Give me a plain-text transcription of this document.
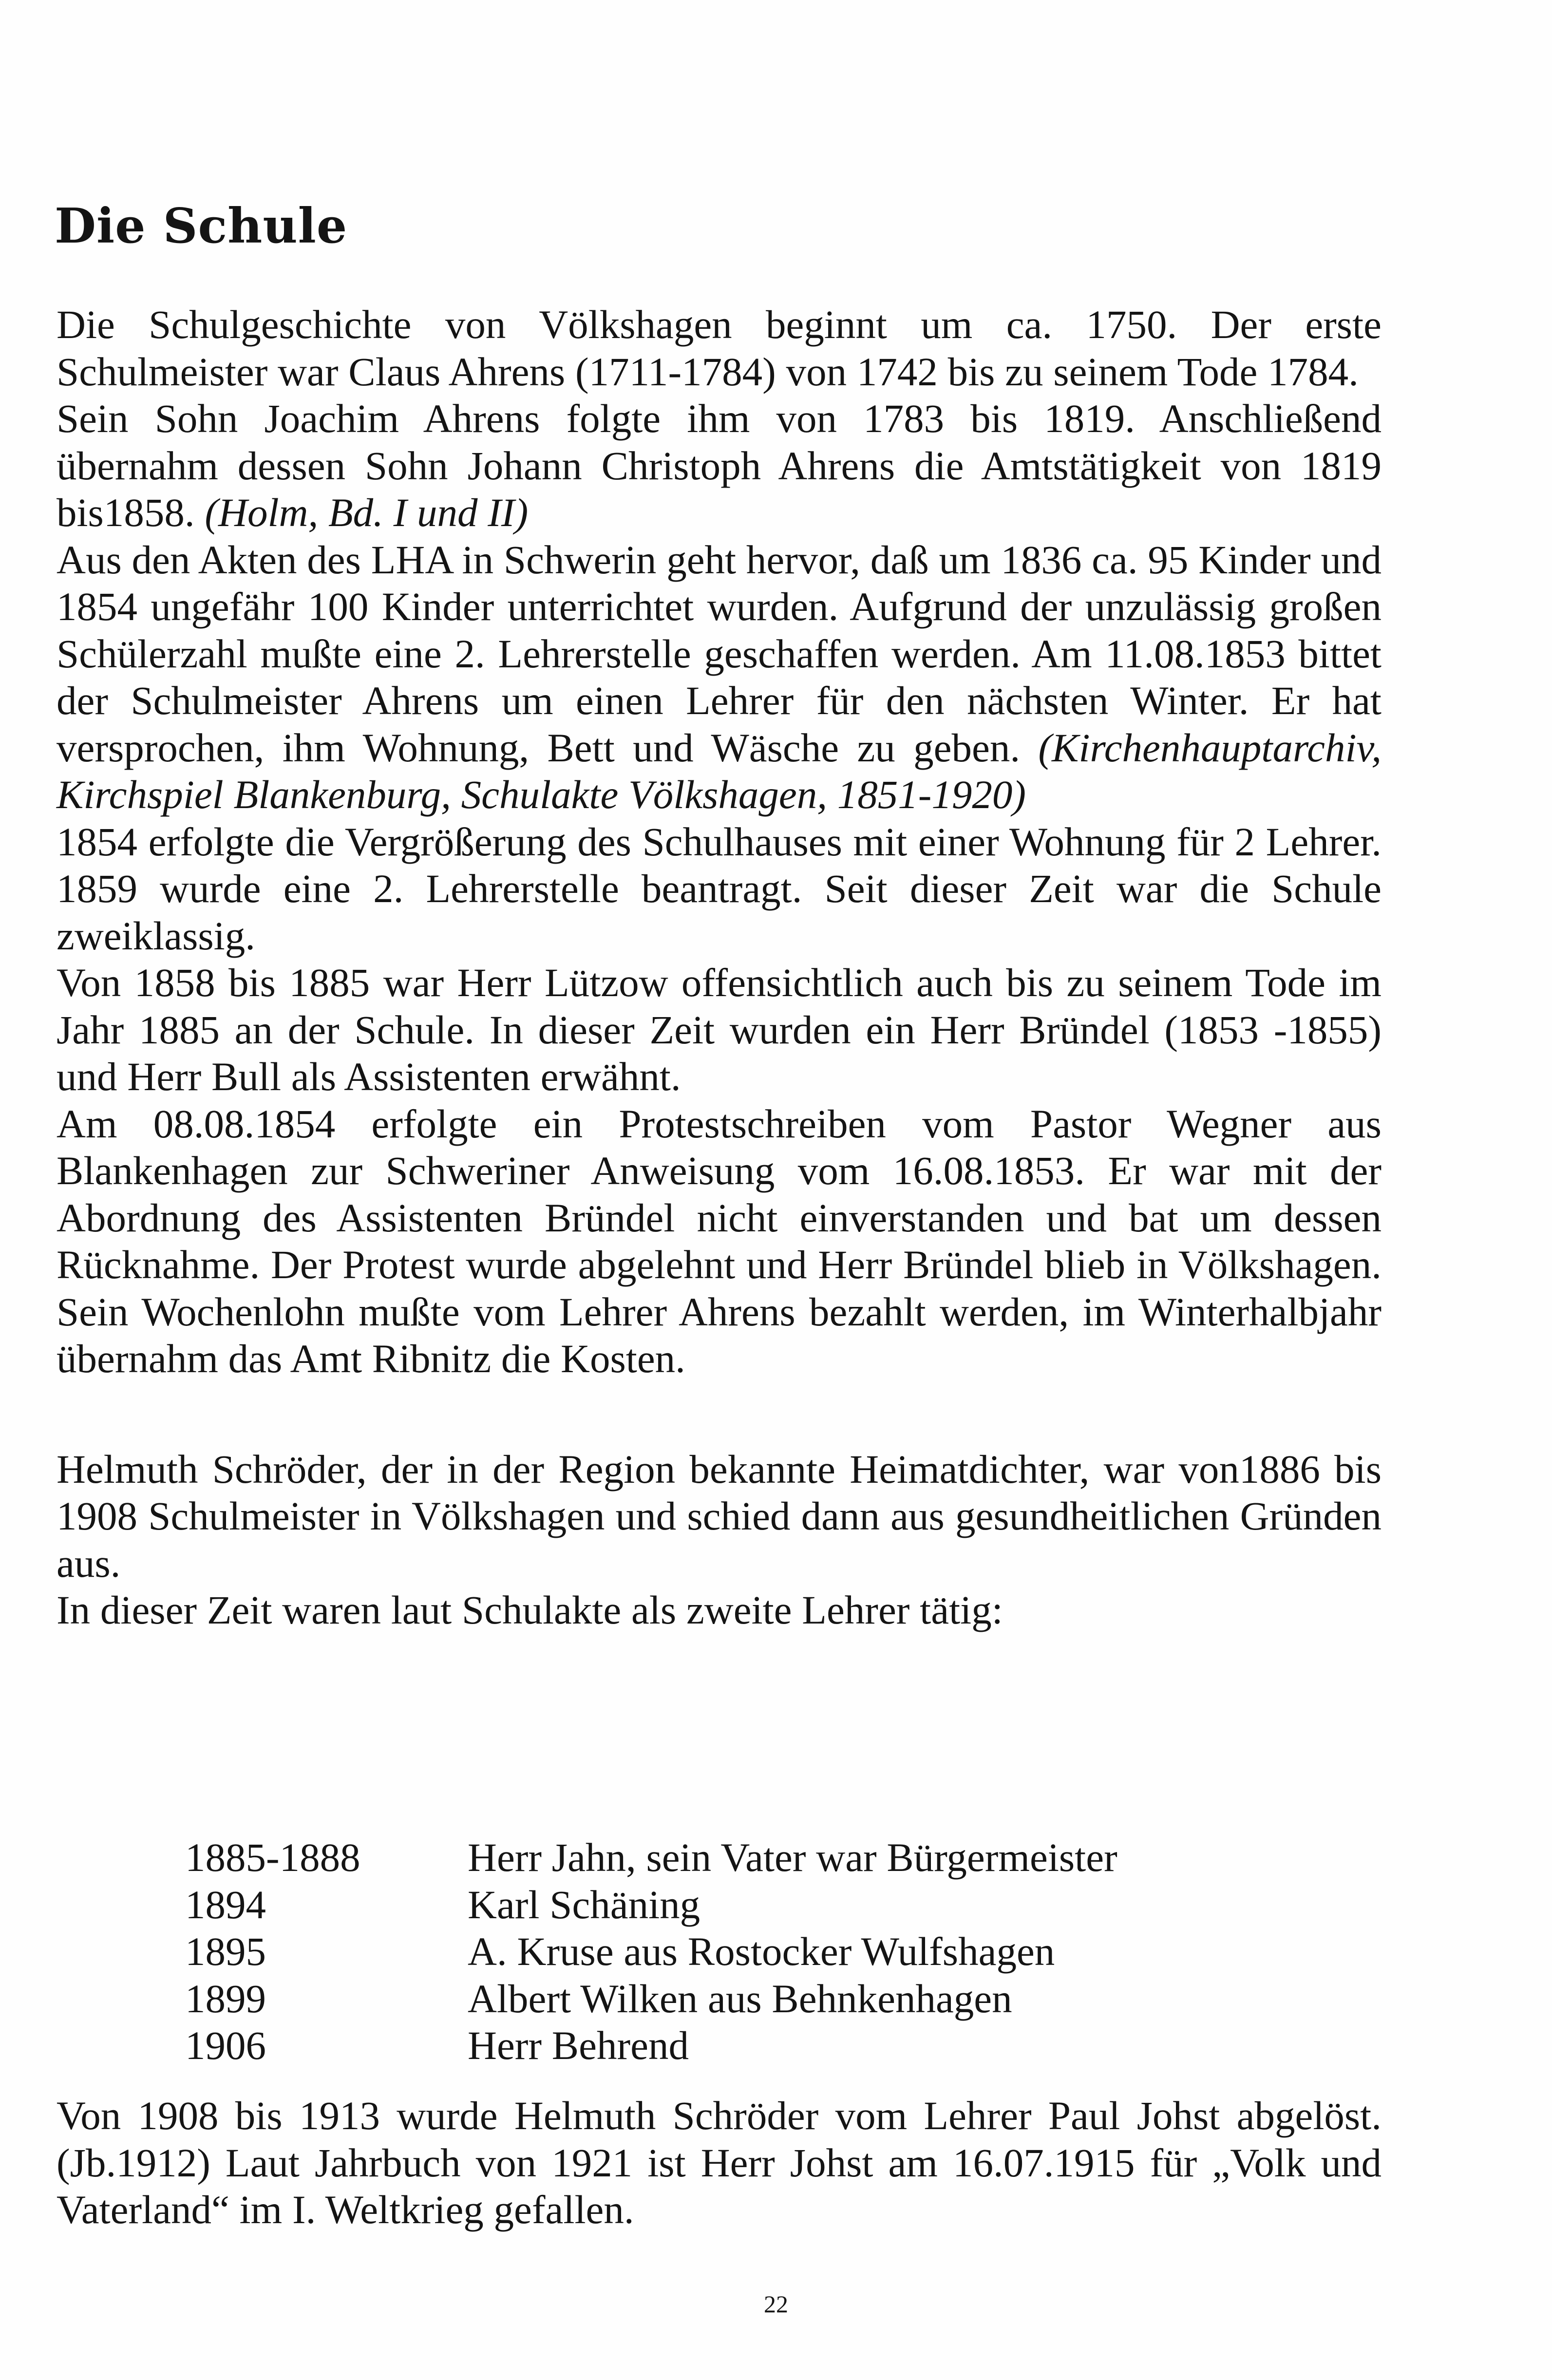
Die Schule

Die Schulgeschichte von Völkshagen beginnt um ca. 1750. Der erste Schulmeister war Claus Ahrens (1711-1784) von 1742 bis zu seinem Tode 1784.

Sein Sohn Joachim Ahrens folgte ihm von 1783 bis 1819. Anschließend übernahm dessen Sohn Johann Christoph Ahrens die Amtstätigkeit von 1819 bis1858. (Holm, Bd. I und II)

Aus den Akten des LHA in Schwerin geht hervor, daß um 1836 ca. 95 Kinder und 1854 ungefähr 100 Kinder unterrichtet wurden. Aufgrund der unzulässig großen Schülerzahl mußte eine 2. Lehrerstelle geschaffen werden. Am 11.08.1853 bittet der Schulmeister Ahrens um einen Lehrer für den nächsten Winter. Er hat versprochen, ihm Wohnung, Bett und Wäsche zu geben. (Kirchenhauptarchiv, Kirchspiel Blankenburg, Schulakte Völkshagen, 1851-1920)

1854 erfolgte die Vergrößerung des Schulhauses mit einer Wohnung für 2 Lehrer. 1859 wurde eine 2. Lehrerstelle beantragt. Seit dieser Zeit war die Schule zweiklassig.

Von 1858 bis 1885 war Herr Lützow offensichtlich auch bis zu seinem Tode im Jahr 1885 an der Schule. In dieser Zeit wurden ein Herr Bründel (1853 -1855) und Herr Bull als Assistenten erwähnt.

Am 08.08.1854 erfolgte ein Protestschreiben vom Pastor Wegner aus Blankenhagen zur Schweriner Anweisung vom 16.08.1853. Er war mit der Abordnung des Assistenten Bründel nicht einverstanden und bat um dessen Rücknahme. Der Protest wurde abgelehnt und Herr Bründel blieb in Völkshagen. Sein Wochenlohn mußte vom Lehrer Ahrens bezahlt werden, im Winterhalbjahr übernahm das Amt Ribnitz die Kosten.

Helmuth Schröder, der in der Region bekannte Heimatdichter, war von1886 bis 1908 Schulmeister in Völkshagen und schied dann aus gesundheitlichen Gründen aus.

In dieser Zeit waren laut Schulakte als zweite Lehrer tätig:

1885-1888	Herr Jahn, sein Vater war Bürgermeister
1894	Karl Schäning
1895	A. Kruse aus Rostocker Wulfshagen
1899	Albert Wilken aus Behnkenhagen
1906	Herr Behrend

Von 1908 bis 1913 wurde Helmuth Schröder vom Lehrer Paul Johst abgelöst. (Jb.1912) Laut Jahrbuch von 1921 ist Herr Johst am 16.07.1915 für „Volk und Vaterland“ im I. Weltkrieg gefallen.

22
